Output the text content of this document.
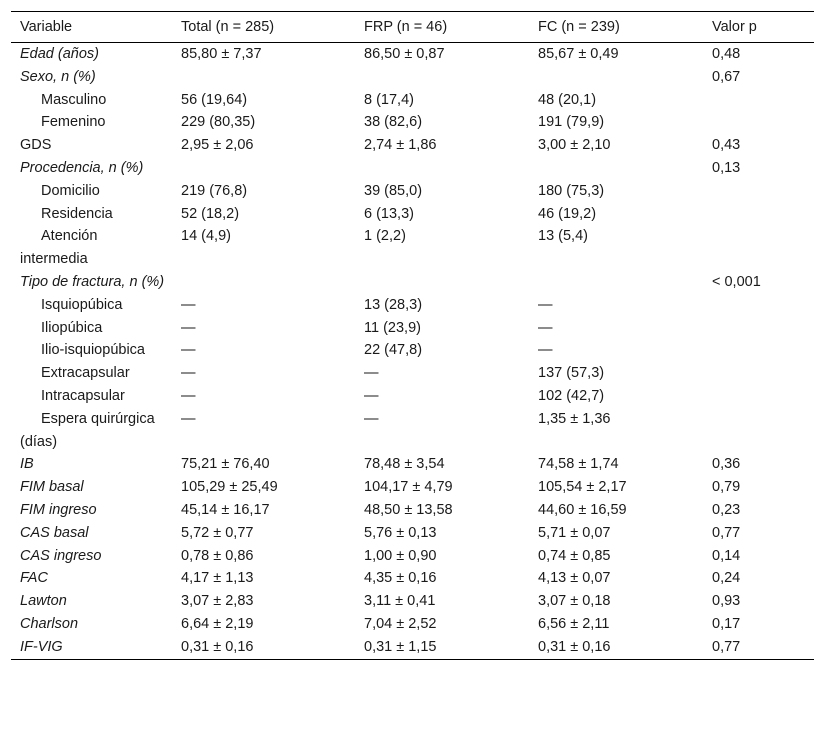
Variable	Total (n = 285)	FRP (n = 46)	FC (n = 239)	Valor p
Edad (años)	85,80 ± 7,37	86,50 ± 0,87	85,67 ± 0,49	0,48
Sexo, n (%)				0,67
Masculino	56 (19,64)	8 (17,4)	48 (20,1)	
Femenino	229 (80,35)	38 (82,6)	191 (79,9)	
GDS	2,95 ± 2,06	2,74 ± 1,86	3,00 ± 2,10	0,43
Procedencia, n (%)				0,13
Domicilio	219 (76,8)	39 (85,0)	180 (75,3)	
Residencia	52 (18,2)	6 (13,3)	46 (19,2)	
Atención intermedia	14 (4,9)	1 (2,2)	13 (5,4)	
Tipo de fractura, n (%)				< 0,001
Isquiopúbica	—	13 (28,3)	—	
Iliopúbica	—	11 (23,9)	—	
Ilio-isquiopúbica	—	22 (47,8)	—	
Extracapsular	—	—	137 (57,3)	
Intracapsular	—	—	102 (42,7)	
Espera quirúrgica (días)	—	—	1,35 ± 1,36	
IB	75,21 ± 76,40	78,48 ± 3,54	74,58 ± 1,74	0,36
FIM basal	105,29 ± 25,49	104,17 ± 4,79	105,54 ± 2,17	0,79
FIM ingreso	45,14 ± 16,17	48,50 ± 13,58	44,60 ± 16,59	0,23
CAS basal	5,72 ± 0,77	5,76 ± 0,13	5,71 ± 0,07	0,77
CAS ingreso	0,78 ± 0,86	1,00 ± 0,90	0,74 ± 0,85	0,14
FAC	4,17 ± 1,13	4,35 ± 0,16	4,13 ± 0,07	0,24
Lawton	3,07 ± 2,83	3,11 ± 0,41	3,07 ± 0,18	0,93
Charlson	6,64 ± 2,19	7,04 ± 2,52	6,56 ± 2,11	0,17
IF-VIG	0,31 ± 0,16	0,31 ± 1,15	0,31 ± 0,16	0,77
